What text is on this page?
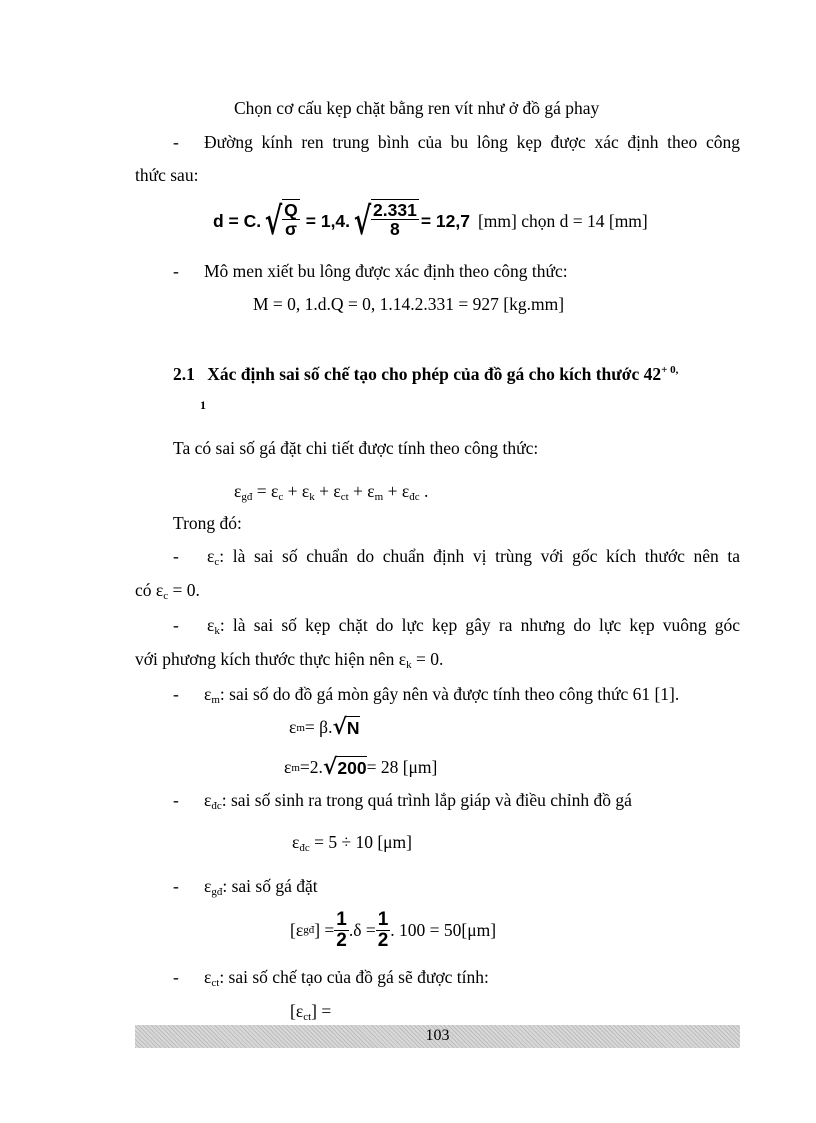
Chọn cơ cấu kẹp chặt bằng ren vít như ở đồ gá phay
- Đường kính ren trung bình của bu lông kẹp được xác định theo công
thức sau:
d = C. √ $\frac{Q}{\sigma} = 1,4$. √ $\frac{2.331}{8} = 12,7$ [mm] chọn d = 14 [mm]
- Mô men xiết bu lông được xác định theo công thức:
M = 0, 1.d.Q = 0, 1.14.2.331 = 927 [kg.mm]
2.1 Xác định sai số chế tạo cho phép của đồ gá cho kích thước $42^{+ 0,}$
1
Ta có sai số gá đặt chi tiết được tính theo công thức:
$\varepsilon_{gđ} = \varepsilon_c + \varepsilon_k + \varepsilon_{ct} + \varepsilon_m + \varepsilon_{đc}$ .
Trong đó:
- $\varepsilon_c$: là sai số chuẩn do chuẩn định vị trùng với gốc kích thước nên ta
có $\varepsilon_c = 0$.
- $\varepsilon_k$: là sai số kẹp chặt do lực kẹp gây ra nhưng do lực kẹp vuông góc
với phương kích thước thực hiện nên $\varepsilon_k = 0$.
- $\varepsilon_m$: sai số do đồ gá mòn gây nên và được tính theo công thức 61 [1].
ε m = β. √ N
ε m =2. √ 200 = 28 [μm]
- $\varepsilon_{đc}$: sai số sinh ra trong quá trình lắp giáp và điều chỉnh đồ gá
$\varepsilon_{đc} = 5 \div 10$ [μm]
- $\varepsilon_{gđ}$: sai số gá đặt
[ε gđ ] = $\frac{1}{2} .\delta = \frac{1}{2}$ . 100 = 50[μm]
- $\varepsilon_{ct}$: sai số chế tạo của đồ gá sẽ được tính:
$[\varepsilon_{ct}]$ =
103
